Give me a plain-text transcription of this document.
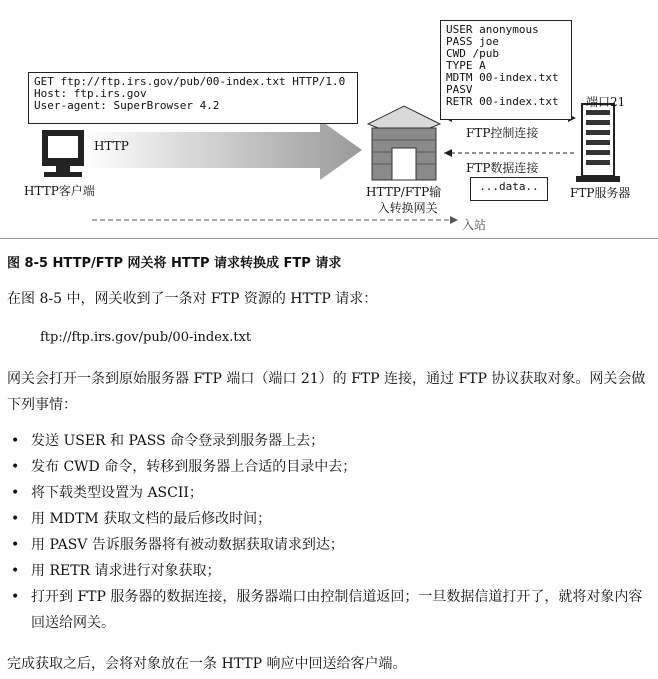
GET ftp://ftp.irs.gov/pub/00-index.txt HTTP/1.0
Host: ftp.irs.gov
User-agent: SuperBrowser 4.2
USER anonymous
PASS joe
CWD /pub
TYPE A
MDTM 00-index.txt
PASV
RETR 00-index.txt
...data..
HTTP
HTTP客户端	HTTP/FTP输
入转换网关
端口21
FTP控制连接
FTP数据连接
FTP服务器
入站
图 8-5 HTTP/FTP 网关将 HTTP 请求转换成 FTP 请求
在图 8-5 中，网关收到了一条对 FTP 资源的 HTTP 请求：
ftp://ftp.irs.gov/pub/00-index.txt
网关会打开一条到原始服务器 FTP 端口（端口 21）的 FTP 连接，通过 FTP 协议获取对象。网关会做下列事情：
• 发送 USER 和 PASS 命令登录到服务器上去；
• 发布 CWD 命令，转移到服务器上合适的目录中去；
• 将下载类型设置为 ASCII；
• 用 MDTM 获取文档的最后修改时间；
• 用 PASV 告诉服务器将有被动数据获取请求到达；
• 用 RETR 请求进行对象获取；
• 打开到 FTP 服务器的数据连接，服务器端口由控制信道返回；一旦数据信道打开了，就将对象内容回送给网关。
完成获取之后，会将对象放在一条 HTTP 响应中回送给客户端。
